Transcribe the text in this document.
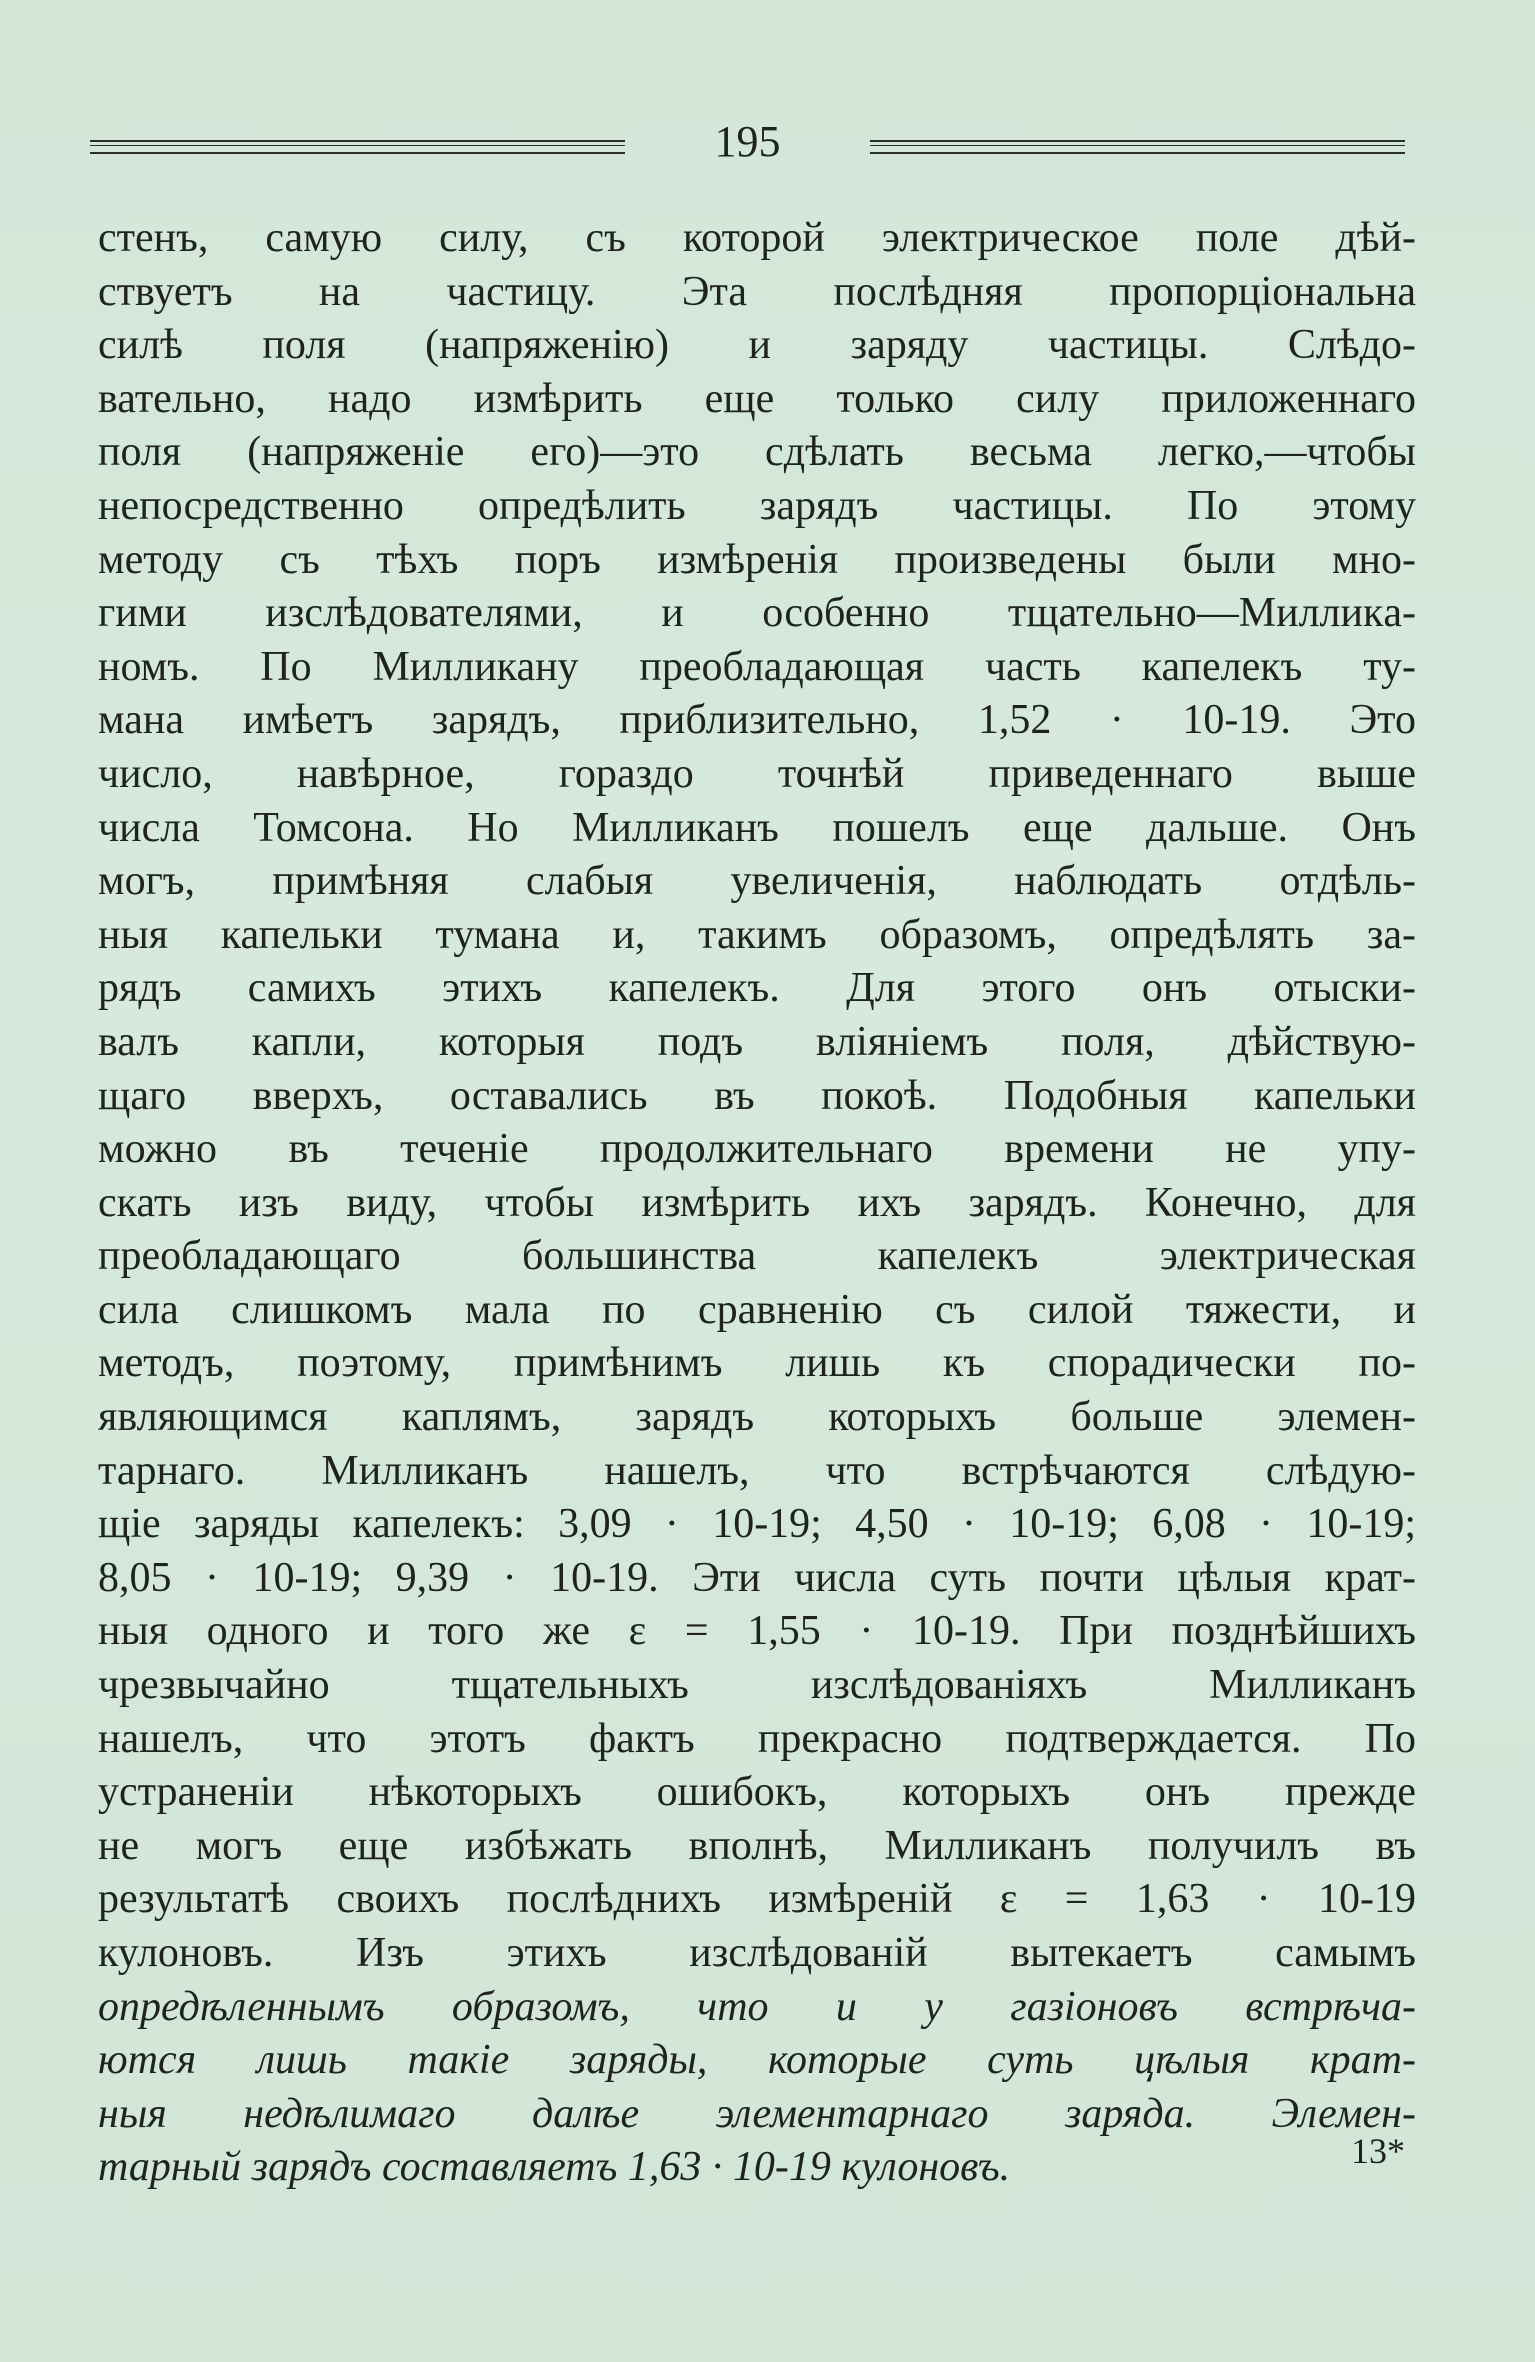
195
стенъ, самую силу, съ которой электрическое поле дѣй-
ствуетъ на частицу. Эта послѣдняя пропорціональна
силѣ поля (напряженію) и заряду частицы. Слѣдо-
вательно, надо измѣрить еще только силу приложеннаго
поля (напряженіе его)—это сдѣлать весьма легко,—чтобы
непосредственно опредѣлить зарядъ частицы. По этому
методу съ тѣхъ поръ измѣренія произведены были мно-
гими изслѣдователями, и особенно тщательно—Милликa-
номъ. По Милликану преобладающая часть капелекъ ту-
мана имѣетъ зарядъ, приблизительно, 1,52 · 10-19. Это
число, навѣрное, гораздо точнѣй приведеннаго выше
числа Томсона. Но Милликанъ пошелъ еще дальше. Онъ
могъ, примѣняя слабыя увеличенія, наблюдать отдѣль-
ныя капельки тумана и, такимъ образомъ, опредѣлять за-
рядъ самихъ этихъ капелекъ. Для этого онъ отыски-
валъ капли, которыя подъ вліяніемъ поля, дѣйствую-
щаго вверхъ, оставались въ покоѣ. Подобныя капельки
можно въ теченіе продолжительнаго времени не упу-
скать изъ виду, чтобы измѣрить ихъ зарядъ. Конечно, для
преобладающаго большинства капелекъ электрическая
сила слишкомъ мала по сравненію съ силой тяжести, и
методъ, поэтому, примѣнимъ лишь къ спорадически по-
являющимся каплямъ, зарядъ которыхъ больше элемен-
тарнаго. Милликанъ нашелъ, что встрѣчаются слѣдую-
щіе заряды капелекъ: 3,09 · 10-19; 4,50 · 10-19; 6,08 · 10-19;
8,05 · 10-19; 9,39 · 10-19. Эти числа суть почти цѣлыя крат-
ныя одного и того же ε = 1,55 · 10-19. При позднѣйшихъ
чрезвычайно тщательныхъ изслѣдованіяхъ Милликанъ
нашелъ, что этотъ фактъ прекрасно подтверждается. По
устраненіи нѣкоторыхъ ошибокъ, которыхъ онъ прежде
не могъ еще избѣжать вполнѣ, Милликанъ получилъ въ
результатѣ своихъ послѣднихъ измѣреній ε = 1,63 · 10-19
кулоновъ. Изъ этихъ изслѣдованій вытекаетъ самымъ
опредѣленнымъ образомъ, что и у газіоновъ встрѣча-
ются лишь такіе заряды, которые суть цѣлыя крат-
ныя недѣлимаго далѣе элементарнаго заряда. Элемен-
тарный зарядъ составляетъ 1,63 · 10-19 кулоновъ.	13*
